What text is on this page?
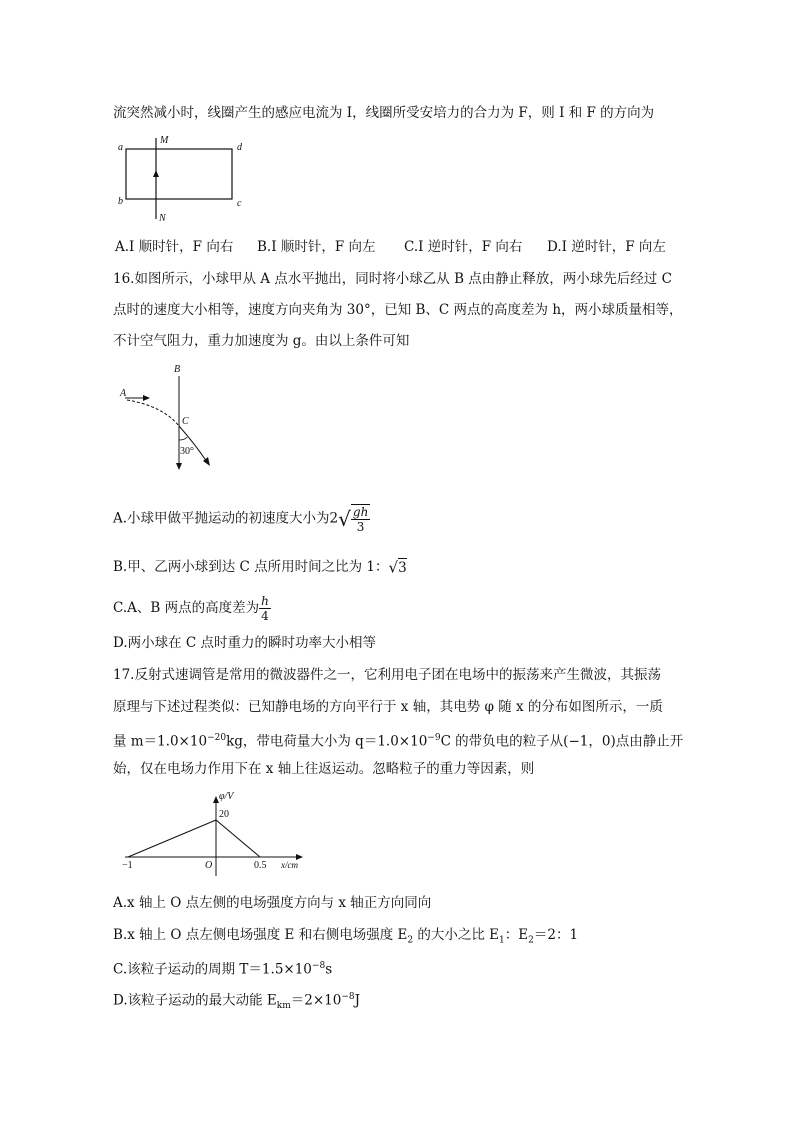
流突然减小时，线圈产生的感应电流为 I，线圈所受安培力的合力为 F，则 I 和 F 的方向为
a
b	c
d
M
N
A.I 顺时针，F 向右 B.I 顺时针，F 向左 C.I 逆时针，F 向右 D.I 逆时针，F 向左
16.如图所示，小球甲从 A 点水平抛出，同时将小球乙从 B 点由静止释放，两小球先后经过 C
点时的速度大小相等，速度方向夹角为 30°，已知 B、C 两点的高度差为 h，两小球质量相等，
不计空气阻力，重力加速度为 g。由以上条件可知
A
B
C
30°
A.小球甲做平抛运动的初速度大小为$2√ \frac{gh}{3}$
B.甲、乙两小球到达 C 点所用时间之比为 1：√3
C.A、B 两点的高度差为 $\frac{h}{4}$
D.两小球在 C 点时重力的瞬时功率大小相等
17.反射式速调管是常用的微波器件之一，它利用电子团在电场中的振荡来产生微波，其振荡
原理与下述过程类似：已知静电场的方向平行于 x 轴，其电势 φ 随 x 的分布如图所示，一质
量 $m=1.0\times 10^{-20}kg$，带电荷量大小为 $q=1.0\times 10^{-9}C$ 的带负电的粒子从(−1，0)点由静止开
始，仅在电场力作用下在 x 轴上往返运动。忽略粒子的重力等因素，则
φ/V
x/cm
20
O
−1	0.5
A.x 轴上 O 点左侧的电场强度方向与 x 轴正方向同向
B.x 轴上 O 点左侧电场强度 E 和右侧电场强度 $E_2$ 的大小之比 $E_1$：$E_2=2$：1
C.该粒子运动的周期 $T=1.5\times 10^{-8}s$
D.该粒子运动的最大动能 $E_{km}=2\times 10^{-8}J$
